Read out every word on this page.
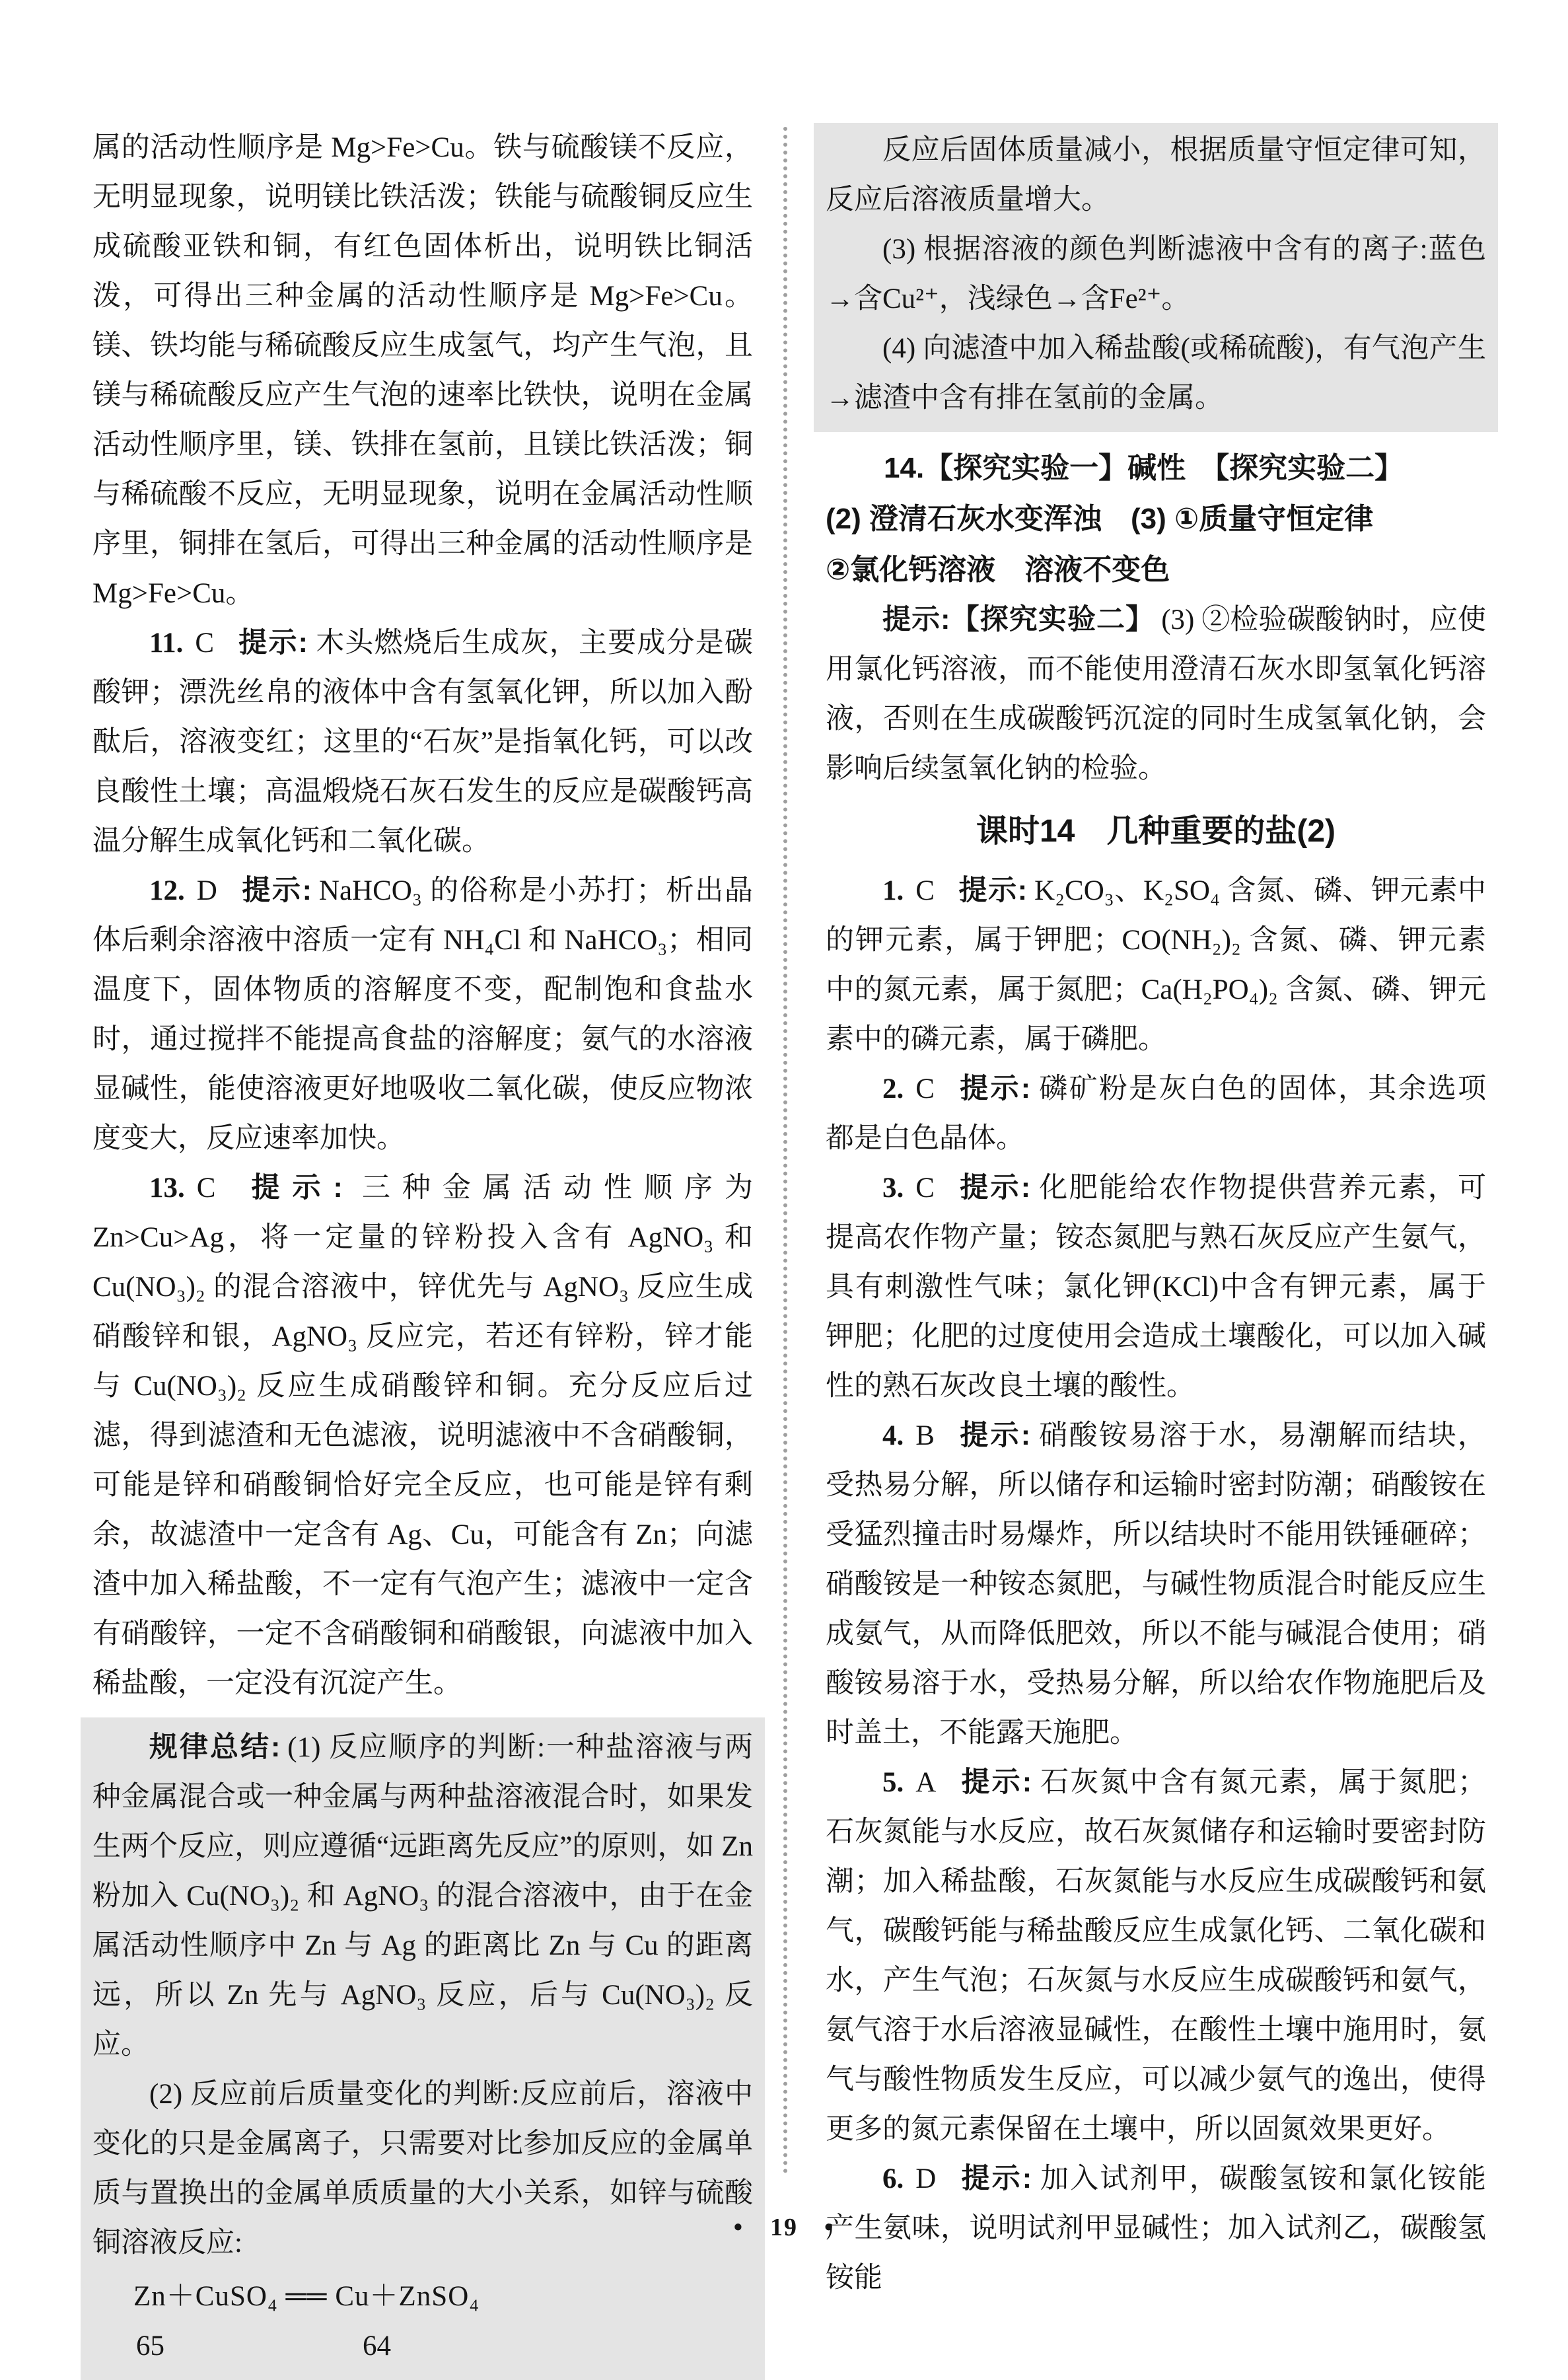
属的活动性顺序是 Mg>Fe>Cu。铁与硫酸镁不反应，无明显现象，说明镁比铁活泼；铁能与硫酸铜反应生成硫酸亚铁和铜，有红色固体析出，说明铁比铜活泼，可得出三种金属的活动性顺序是 Mg>Fe>Cu。镁、铁均能与稀硫酸反应生成氢气，均产生气泡，且镁与稀硫酸反应产生气泡的速率比铁快，说明在金属活动性顺序里，镁、铁排在氢前，且镁比铁活泼；铜与稀硫酸不反应，无明显现象，说明在金属活动性顺序里，铜排在氢后，可得出三种金属的活动性顺序是 Mg>Fe>Cu。

11. C 提示: 木头燃烧后生成灰，主要成分是碳酸钾；漂洗丝帛的液体中含有氢氧化钾，所以加入酚酞后，溶液变红；这里的“石灰”是指氧化钙，可以改良酸性土壤；高温煅烧石灰石发生的反应是碳酸钙高温分解生成氧化钙和二氧化碳。

12. D 提示: NaHCO₃ 的俗称是小苏打；析出晶体后剩余溶液中溶质一定有 NH₄Cl 和 NaHCO₃；相同温度下，固体物质的溶解度不变，配制饱和食盐水时，通过搅拌不能提高食盐的溶解度；氨气的水溶液显碱性，能使溶液更好地吸收二氧化碳，使反应物浓度变大，反应速率加快。

13. C 提示: 三种金属活动性顺序为 Zn>Cu>Ag，将一定量的锌粉投入含有 AgNO₃ 和 Cu(NO₃)₂ 的混合溶液中，锌优先与 AgNO₃ 反应生成硝酸锌和银，AgNO₃ 反应完，若还有锌粉，锌才能与 Cu(NO₃)₂ 反应生成硝酸锌和铜。充分反应后过滤，得到滤渣和无色滤液，说明滤液中不含硝酸铜，可能是锌和硝酸铜恰好完全反应，也可能是锌有剩余，故滤渣中一定含有 Ag、Cu，可能含有 Zn；向滤渣中加入稀盐酸，不一定有气泡产生；滤液中一定含有硝酸锌，一定不含硝酸铜和硝酸银，向滤液中加入稀盐酸，一定没有沉淀产生。

规律总结: (1) 反应顺序的判断:一种盐溶液与两种金属混合或一种金属与两种盐溶液混合时，如果发生两个反应，则应遵循“远距离先反应”的原则，如 Zn 粉加入 Cu(NO₃)₂ 和 AgNO₃ 的混合溶液中，由于在金属活动性顺序中 Zn 与 Ag 的距离比 Zn 与 Cu 的距离远，所以 Zn 先与 AgNO₃ 反应，后与 Cu(NO₃)₂ 反应。

(2) 反应前后质量变化的判断:反应前后，溶液中变化的只是金属离子，只需要对比参加反应的金属单质与置换出的金属单质质量的大小关系，如锌与硫酸铜溶液反应:

Zn＋CuSO₄ ══ Cu＋ZnSO₄

65	64

反应后固体质量减小，根据质量守恒定律可知，反应后溶液质量增大。

(3) 根据溶液的颜色判断滤液中含有的离子:蓝色→含Cu²⁺，浅绿色→含Fe²⁺。

(4) 向滤渣中加入稀盐酸(或稀硫酸)，有气泡产生→滤渣中含有排在氢前的金属。

14.【探究实验一】碱性　【探究实验二】
(2) 澄清石灰水变浑浊　(3) ①质量守恒定律
②氯化钙溶液　溶液不变色

提示:【探究实验二】 (3) ②检验碳酸钠时，应使用氯化钙溶液，而不能使用澄清石灰水即氢氧化钙溶液，否则在生成碳酸钙沉淀的同时生成氢氧化钠，会影响后续氢氧化钠的检验。

课时14　几种重要的盐(2)

1. C 提示: K₂CO₃、K₂SO₄ 含氮、磷、钾元素中的钾元素，属于钾肥；CO(NH₂)₂ 含氮、磷、钾元素中的氮元素，属于氮肥；Ca(H₂PO₄)₂ 含氮、磷、钾元素中的磷元素，属于磷肥。

2. C 提示: 磷矿粉是灰白色的固体，其余选项都是白色晶体。

3. C 提示: 化肥能给农作物提供营养元素，可提高农作物产量；铵态氮肥与熟石灰反应产生氨气，具有刺激性气味；氯化钾(KCl)中含有钾元素，属于钾肥；化肥的过度使用会造成土壤酸化，可以加入碱性的熟石灰改良土壤的酸性。

4. B 提示: 硝酸铵易溶于水，易潮解而结块，受热易分解，所以储存和运输时密封防潮；硝酸铵在受猛烈撞击时易爆炸，所以结块时不能用铁锤砸碎；硝酸铵是一种铵态氮肥，与碱性物质混合时能反应生成氨气，从而降低肥效，所以不能与碱混合使用；硝酸铵易溶于水，受热易分解，所以给农作物施肥后及时盖土，不能露天施肥。

5. A 提示: 石灰氮中含有氮元素，属于氮肥；石灰氮能与水反应，故石灰氮储存和运输时要密封防潮；加入稀盐酸，石灰氮能与水反应生成碳酸钙和氨气，碳酸钙能与稀盐酸反应生成氯化钙、二氧化碳和水，产生气泡；石灰氮与水反应生成碳酸钙和氨气，氨气溶于水后溶液显碱性，在酸性土壤中施用时，氨气与酸性物质发生反应，可以减少氨气的逸出，使得更多的氮元素保留在土壤中，所以固氮效果更好。

6. D 提示: 加入试剂甲，碳酸氢铵和氯化铵能产生氨味，说明试剂甲显碱性；加入试剂乙，碳酸氢铵能

•　19　•
